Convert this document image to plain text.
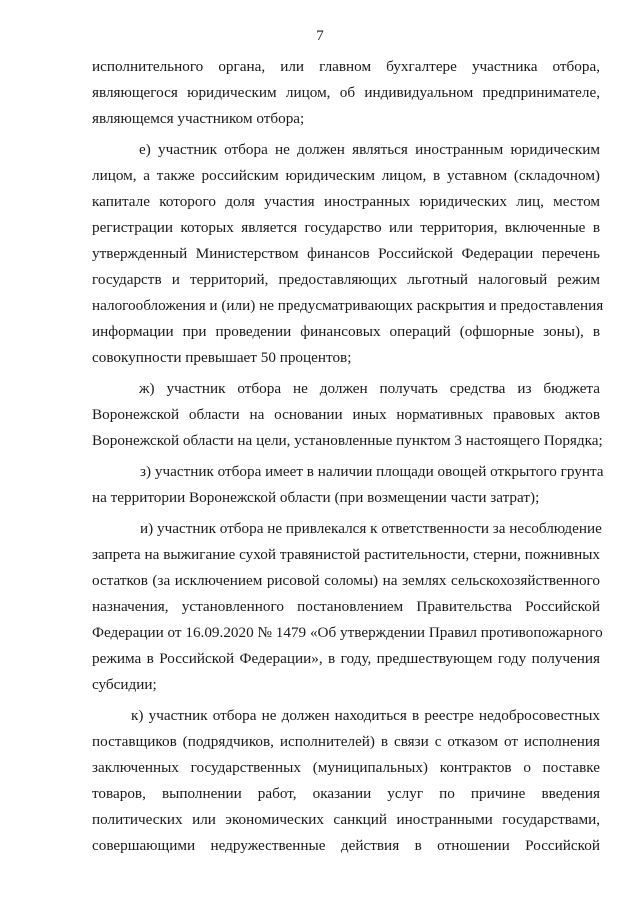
7
исполнительного органа, или главном бухгалтере участника отбора,
являющегося юридическим лицом, об индивидуальном предпринимателе,
являющемся участником отбора;
е) участник отбора не должен являться иностранным юридическим
лицом, а также российским юридическим лицом, в уставном (складочном)
капитале которого доля участия иностранных юридических лиц, местом
регистрации которых является государство или территория, включенные в
утвержденный Министерством финансов Российской Федерации перечень
государств и территорий, предоставляющих льготный налоговый режим
налогообложения и (или) не предусматривающих раскрытия и предоставления
информации при проведении финансовых операций (офшорные зоны), в
совокупности превышает 50 процентов;
ж) участник отбора не должен получать средства из бюджета
Воронежской области на основании иных нормативных правовых актов
Воронежской области на цели, установленные пунктом 3 настоящего Порядка;
з) участник отбора имеет в наличии площади овощей открытого грунта
на территории Воронежской области (при возмещении части затрат);
и) участник отбора не привлекался к ответственности за несоблюдение
запрета на выжигание сухой травянистой растительности, стерни, пожнивных
остатков (за исключением рисовой соломы) на землях сельскохозяйственного
назначения, установленного постановлением Правительства Российской
Федерации от 16.09.2020 № 1479 «Об утверждении Правил противопожарного
режима в Российской Федерации», в году, предшествующем году получения
субсидии;
к) участник отбора не должен находиться в реестре недобросовестных
поставщиков (подрядчиков, исполнителей) в связи с отказом от исполнения
заключенных государственных (муниципальных) контрактов о поставке
товаров, выполнении работ, оказании услуг по причине введения
политических или экономических санкций иностранными государствами,
совершающими недружественные действия в отношении Российской
